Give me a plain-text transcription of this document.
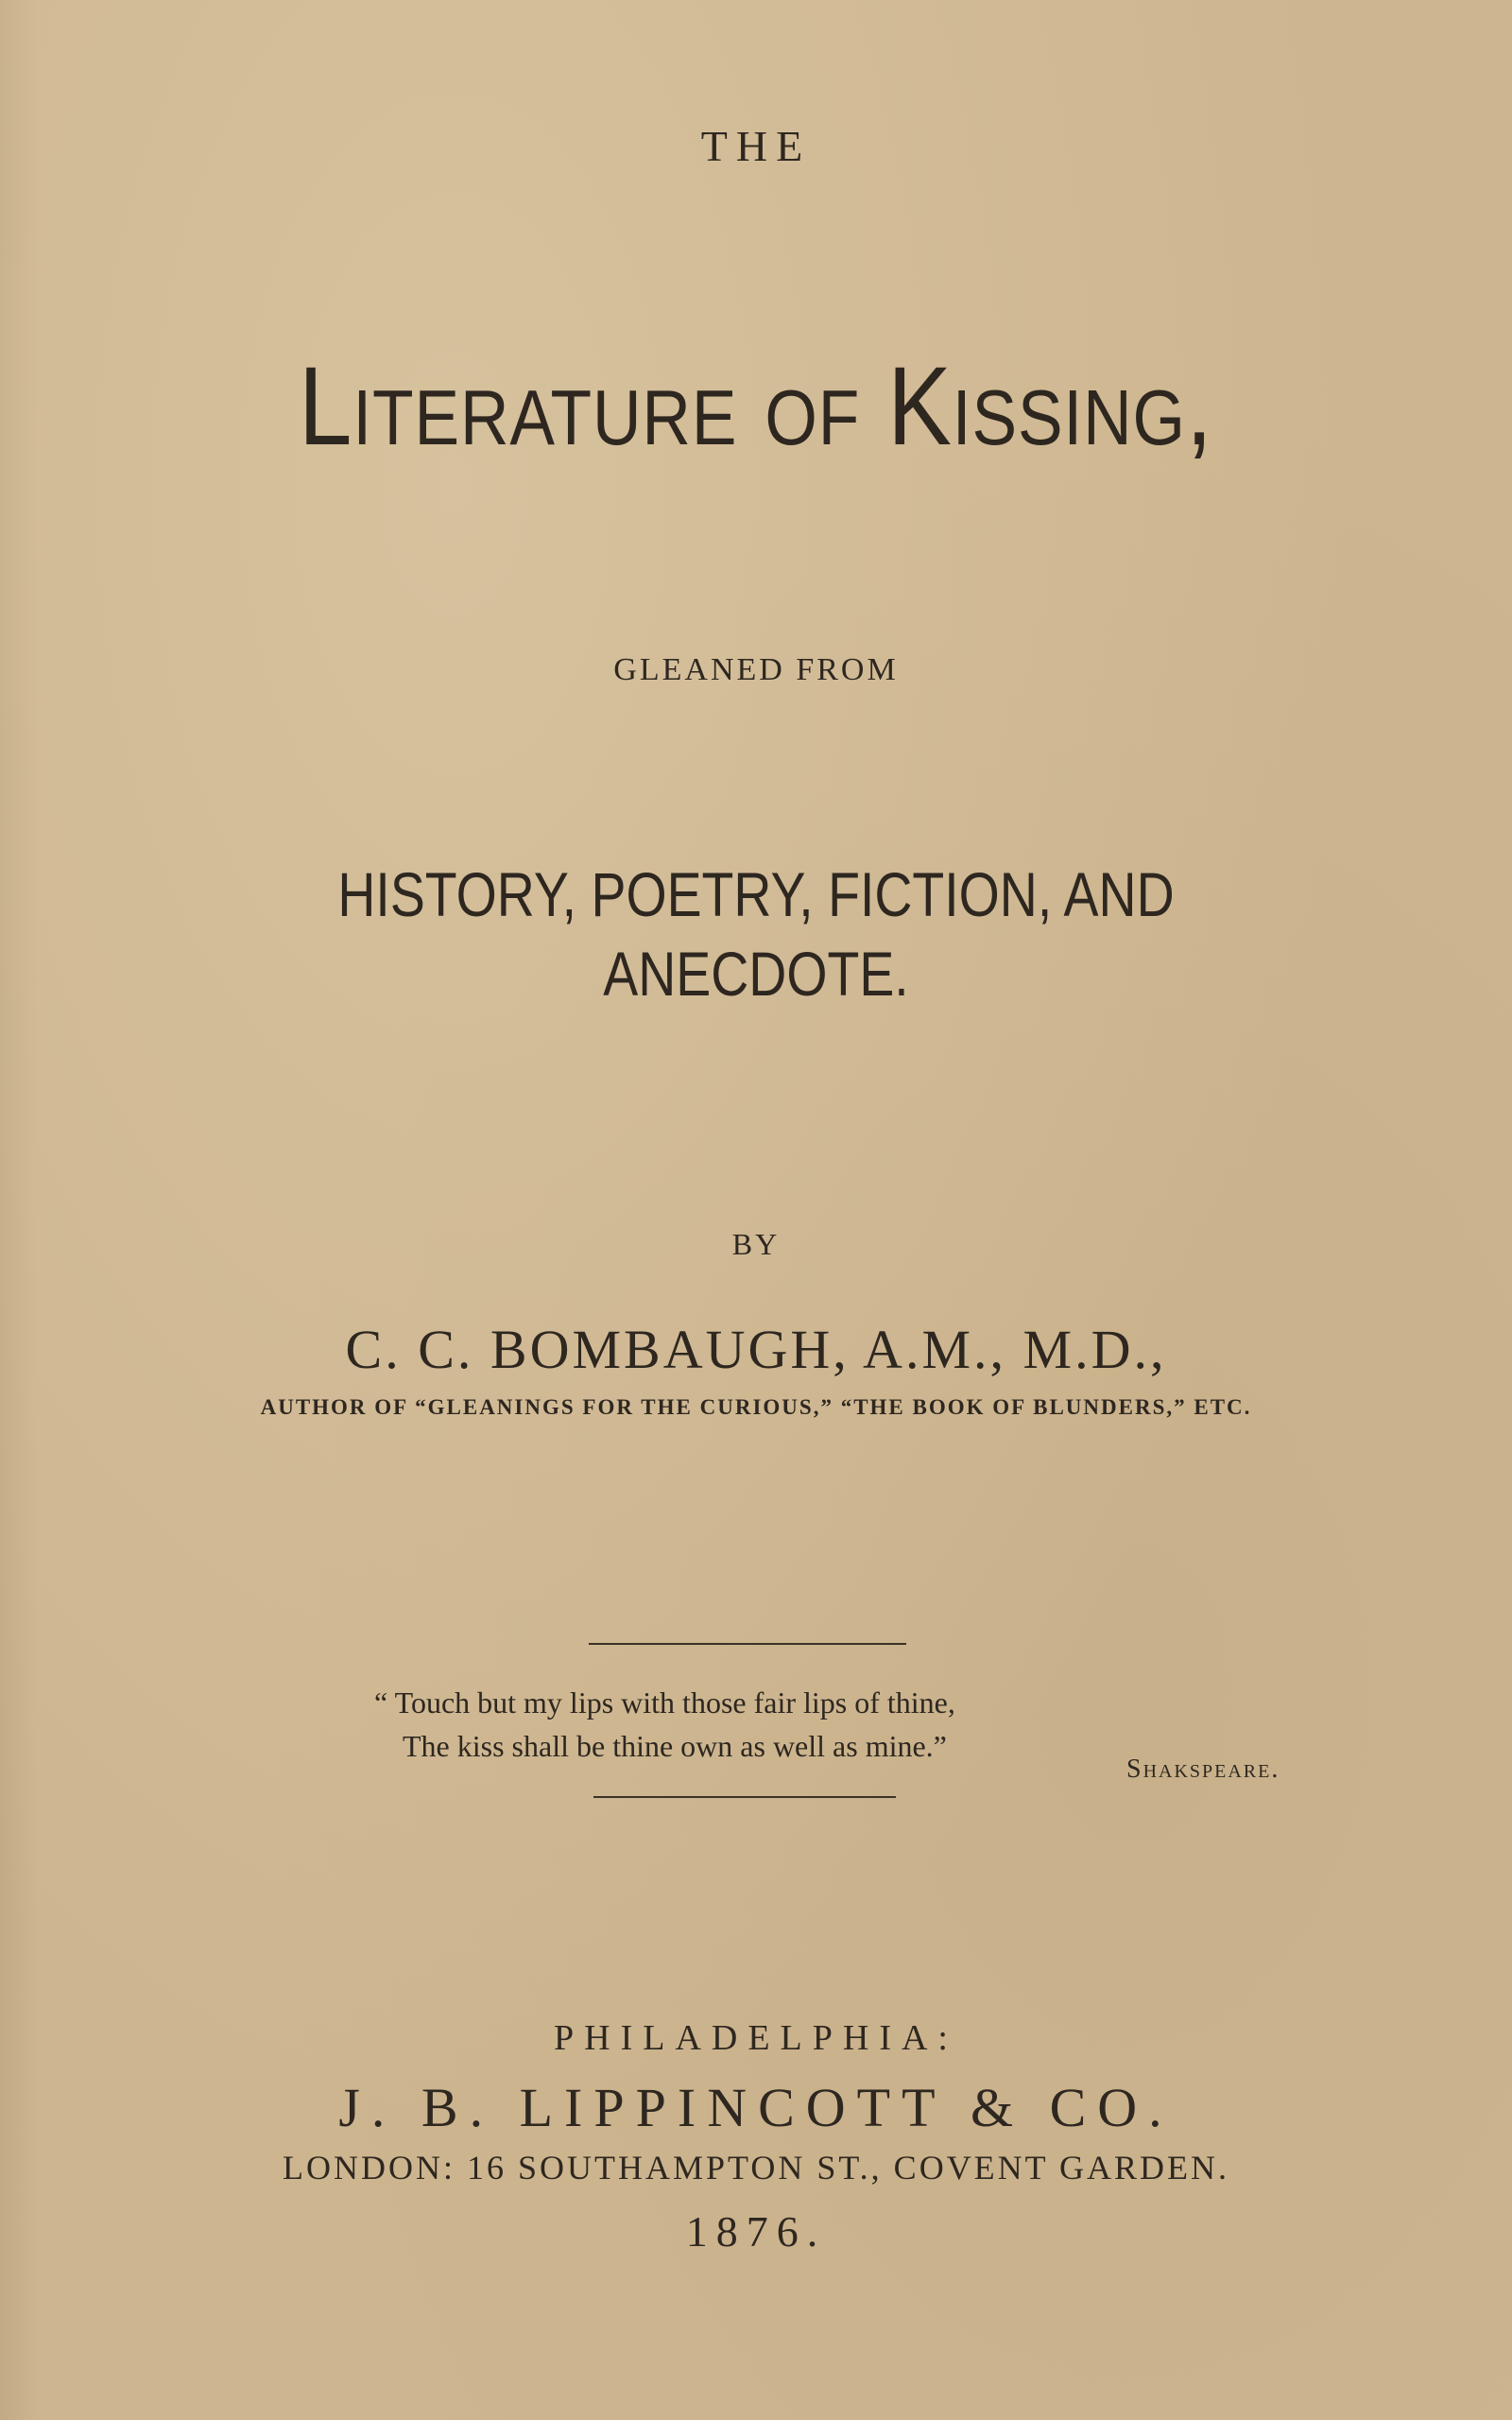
THE
Literature of Kissing,
GLEANED FROM
HISTORY, POETRY, FICTION, AND
ANECDOTE.
BY
C. C. BOMBAUGH, A.M., M.D.,
AUTHOR OF “GLEANINGS FOR THE CURIOUS,” “THE BOOK OF BLUNDERS,” ETC.
“ Touch but my lips with those fair lips of thine,
The kiss shall be thine own as well as mine.”
Shakspeare.
PHILADELPHIA:
J. B. LIPPINCOTT & CO.
LONDON: 16 SOUTHAMPTON ST., COVENT GARDEN.
1876.
